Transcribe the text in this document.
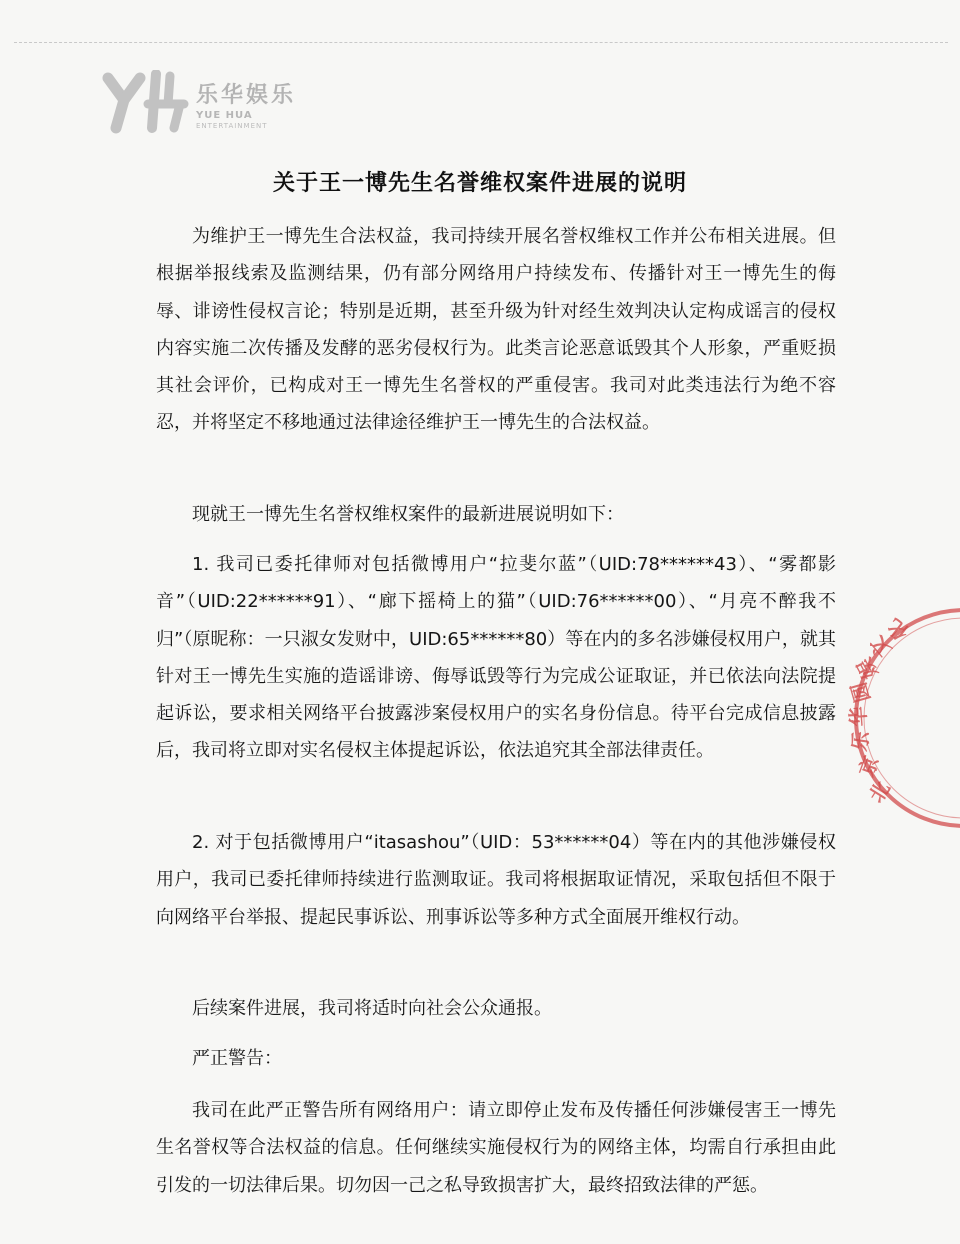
乐华娱乐
YUE HUA
ENTERTAINMENT
关于王一博先生名誉维权案件进展的说明

为维护王一博先生合法权益，我司持续开展名誉权维权工作并公布相关进展。但根据举报线索及监测结果，仍有部分网络用户持续发布、传播针对王一博先生的侮辱、诽谤性侵权言论；特别是近期，甚至升级为针对经生效判决认定构成谣言的侵权内容实施二次传播及发酵的恶劣侵权行为。此类言论恶意诋毁其个人形象，严重贬损其社会评价，已构成对王一博先生名誉权的严重侵害。我司对此类违法行为绝不容忍，并将坚定不移地通过法律途径维护王一博先生的合法权益。

现就王一博先生名誉权维权案件的最新进展说明如下：

1. 我司已委托律师对包括微博用户“拉斐尔蓝”（UID:78******43）、“雾都影音”（UID:22******91）、“廊下摇椅上的猫”（UID:76******00）、“月亮不醉我不归”（原昵称：一只淑女发财中，UID:65******80）等在内的多名涉嫌侵权用户，就其针对王一博先生实施的造谣诽谤、侮辱诋毁等行为完成公证取证，并已依法向法院提起诉讼，要求相关网络平台披露涉案侵权用户的实名身份信息。待平台完成信息披露后，我司将立即对实名侵权主体提起诉讼，依法追究其全部法律责任。

2. 对于包括微博用户“itasashou”（UID：53******04）等在内的其他涉嫌侵权用户，我司已委托律师持续进行监测取证。我司将根据取证情况，采取包括但不限于向网络平台举报、提起民事诉讼、刑事诉讼等多种方式全面展开维权行动。

后续案件进展，我司将适时向社会公众通报。

严正警告：

我司在此严正警告所有网络用户：请立即停止发布及传播任何涉嫌侵害王一博先生名誉权等合法权益的信息。任何继续实施侵权行为的网络主体，均需自行承担由此引发的一切法律后果。切勿因一己之私导致损害扩大，最终招致法律的严惩。

北
京
乐
华
圆
娱
文
化
